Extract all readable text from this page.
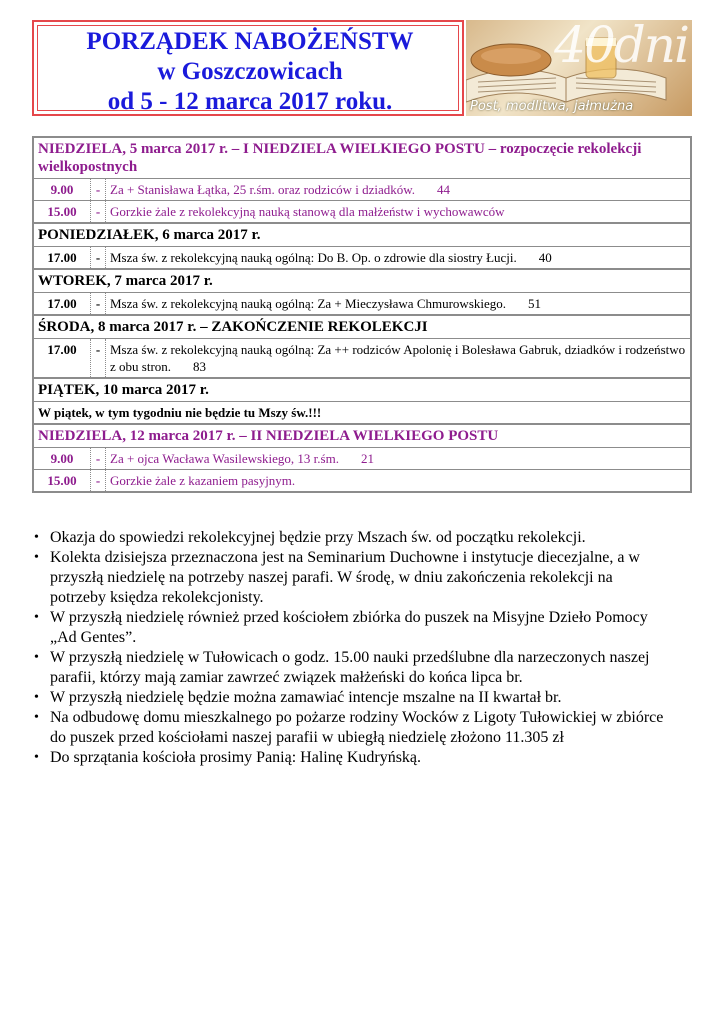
PORZĄDEK NABOŻEŃSTW
w Goszczowicach
od 5 - 12 marca 2017 roku.
40dni
Post, modlitwa, jałmużna
NIEDZIELA, 5 marca 2017 r. – I NIEDZIELA WIELKIEGO POSTU – rozpoczęcie rekolekcji wielkopostnych
9.00	- Za + Stanisława Łątka, 25 r.śm. oraz rodziców i dziadków. 44
15.00	- Gorzkie żale z rekolekcyjną nauką stanową dla małżeństw i wychowawców
PONIEDZIAŁEK, 6 marca 2017 r.
17.00	- Msza św. z rekolekcyjną nauką ogólną: Do B. Op. o zdrowie dla siostry Łucji. 40
WTOREK, 7 marca 2017 r.
17.00	- Msza św. z rekolekcyjną nauką ogólną: Za + Mieczysława Chmurowskiego. 51
ŚRODA, 8 marca 2017 r. – ZAKOŃCZENIE REKOLEKCJI
17.00	- Msza św. z rekolekcyjną nauką ogólną: Za ++ rodziców Apolonię i Bolesława Gabruk, dziadków i rodzeństwo z obu stron. 83
PIĄTEK, 10 marca 2017 r.
W piątek, w tym tygodniu nie będzie tu Mszy św.!!!
NIEDZIELA, 12 marca 2017 r. – II NIEDZIELA WIELKIEGO POSTU
9.00	- Za + ojca Wacława Wasilewskiego, 13 r.śm. 21
15.00	- Gorzkie żale z kazaniem pasyjnym.
• Okazja do spowiedzi rekolekcyjnej będzie przy Mszach św. od początku rekolekcji.
• Kolekta dzisiejsza przeznaczona jest na Seminarium Duchowne i instytucje diecezjalne, a w przyszłą niedzielę na potrzeby naszej parafi. W środę, w dniu zakończenia rekolekcji na potrzeby księdza rekolekcjonisty.
• W przyszłą niedzielę również przed kościołem zbiórka do puszek na Misyjne Dzieło Pomocy „Ad Gentes”.
• W przyszłą niedzielę w Tułowicach o godz. 15.00 nauki przedślubne dla narzeczonych naszej parafii, którzy mają zamiar zawrzeć związek małżeński do końca lipca br.
• W przyszłą niedzielę będzie można zamawiać intencje mszalne na II kwartał br.
• Na odbudowę domu mieszkalnego po pożarze rodziny Wocków z Ligoty Tułowickiej w zbiórce do puszek przed kościołami naszej parafii w ubiegłą niedzielę złożono 11.305 zł
• Do sprzątania kościoła prosimy Panią: Halinę Kudryńską.
